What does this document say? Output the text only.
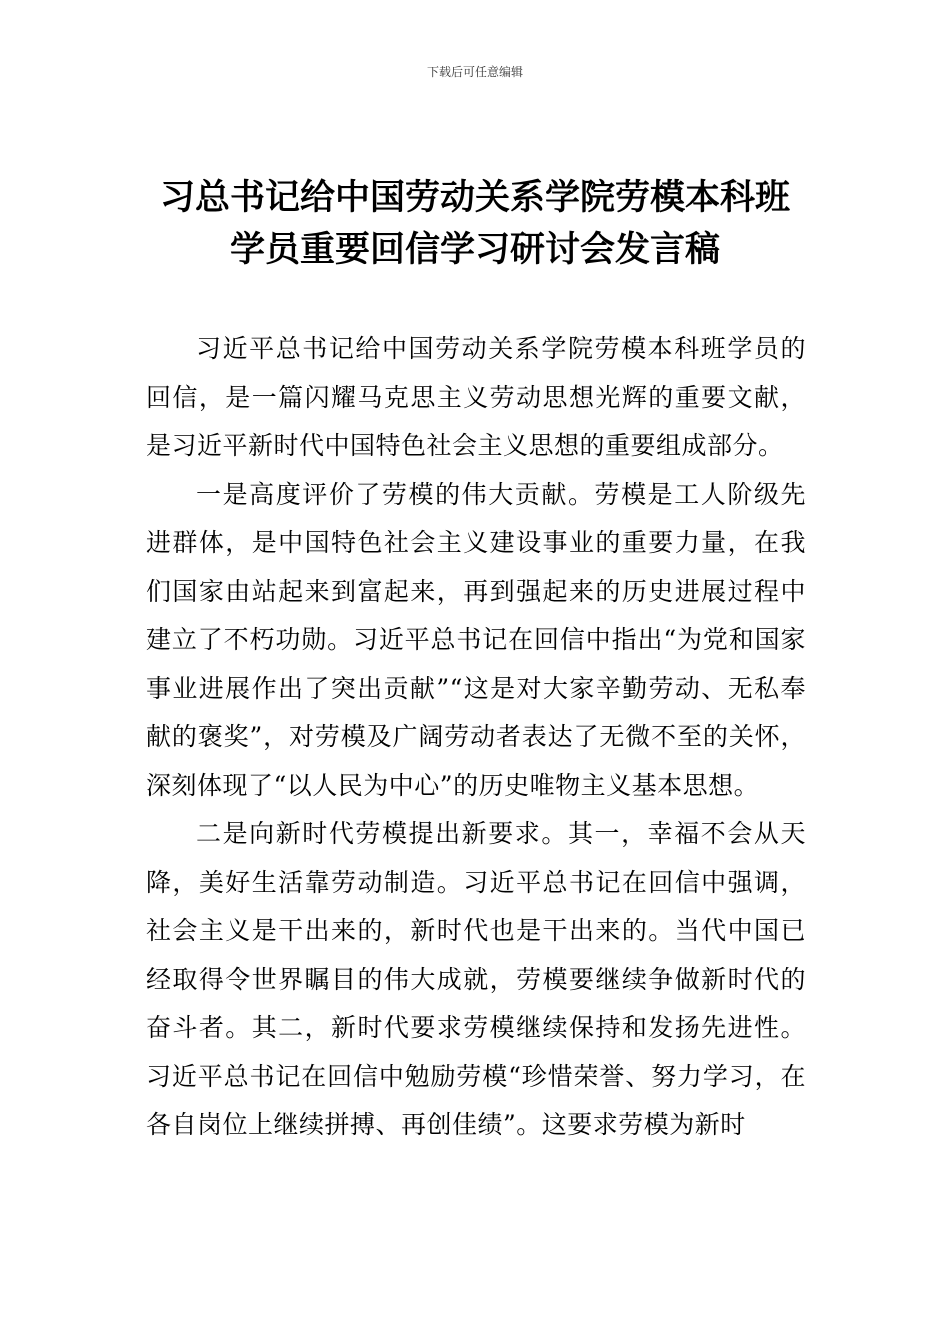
下载后可任意编辑
习总书记给中国劳动关系学院劳模本科班
学员重要回信学习研讨会发言稿

习近平总书记给中国劳动关系学院劳模本科班学员的回信，是一篇闪耀马克思主义劳动思想光辉的重要文献，是习近平新时代中国特色社会主义思想的重要组成部分。

一是高度评价了劳模的伟大贡献。劳模是工人阶级先进群体，是中国特色社会主义建设事业的重要力量，在我们国家由站起来到富起来，再到强起来的历史进展过程中建立了不朽功勋。习近平总书记在回信中指出“为党和国家事业进展作出了突出贡献”“这是对大家辛勤劳动、无私奉献的褒奖”，对劳模及广阔劳动者表达了无微不至的关怀，深刻体现了“以人民为中心”的历史唯物主义基本思想。

二是向新时代劳模提出新要求。其一，幸福不会从天降，美好生活靠劳动制造。习近平总书记在回信中强调，社会主义是干出来的，新时代也是干出来的。当代中国已经取得令世界瞩目的伟大成就，劳模要继续争做新时代的奋斗者。其二，新时代要求劳模继续保持和发扬先进性。习近平总书记在回信中勉励劳模“珍惜荣誉、努力学习，在各自岗位上继续拼搏、再创佳绩”。这要求劳模为新时
